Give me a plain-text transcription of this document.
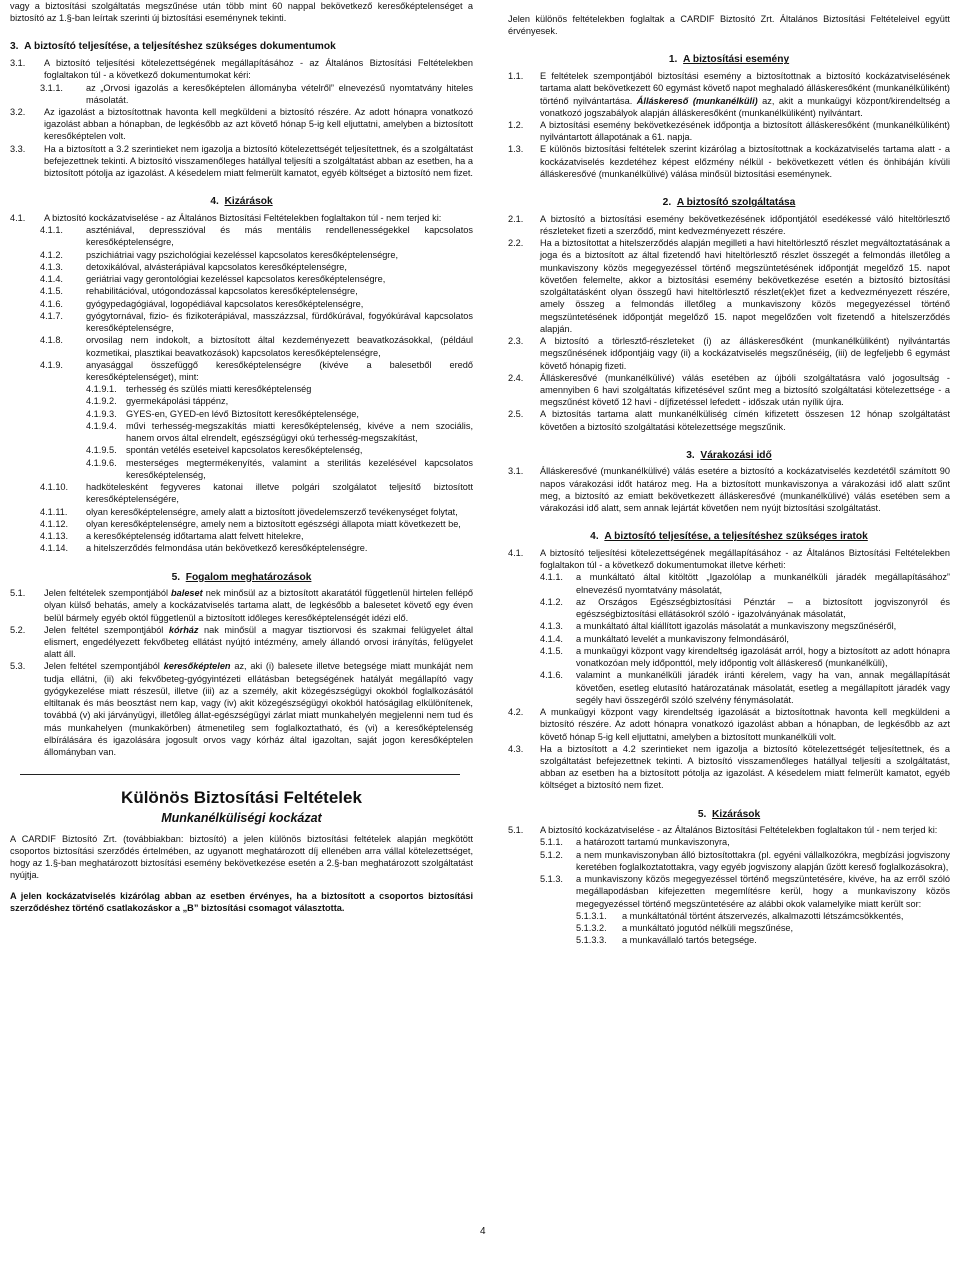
vagy a biztosítási szolgáltatás megszűnése után több mint 60 nappal bekövetkező keresőképtelenséget a biztosító az 1.§-ban leírtak szerinti új biztosítási eseménynek tekinti.

3. A biztosító teljesítése, a teljesítéshez szükséges dokumentumok
3.1.	A biztosító teljesítési kötelezettségének megállapításához - az Általános Biztosítási Feltételekben foglaltakon túl - a következő dokumentumokat kéri:
3.1.1.	az „Orvosi igazolás a keresőképtelen állományba vételről” elnevezésű nyomtatvány hiteles másolatát.
3.2.	Az igazolást a biztosítottnak havonta kell megküldeni a biztosító részére. Az adott hónapra vonatkozó igazolást abban a hónapban, de legkésőbb az azt követő hónap 5-ig kell eljuttatni, amelyben a biztosított keresőképtelen volt.
3.3.	Ha a biztosított a 3.2 szerintieket nem igazolja a biztosító kötelezettségét teljesítettnek, és a szolgáltatást befejezettnek tekinti. A biztosító visszamenőleges hatállyal teljesíti a szolgáltatást abban az esetben, ha a biztosított pótolja az igazolást. A késedelem miatt felmerült kamatot, egyéb költséget a biztosító nem fizet.
4. Kizárások
4.1.	A biztosító kockázatviselése - az Általános Biztosítási Feltételekben foglaltakon túl - nem terjed ki:
4.1.1.	aszténiával, depresszióval és más mentális rendellenességekkel kapcsolatos keresőképtelenségre,
4.1.2.	pszichiátriai vagy pszichológiai kezeléssel kapcsolatos keresőképtelenségre,
4.1.3.	detoxikálóval, alvásterápiával kapcsolatos keresőképtelenségre,
4.1.4.	geriátriai vagy gerontológiai kezeléssel kapcsolatos keresőképtelenségre,
4.1.5.	rehabilitációval, utógondozással kapcsolatos keresőképtelenségre,
4.1.6.	gyógypedagógiával, logopédiával kapcsolatos keresőképtelenségre,
4.1.7.	gyógytornával, fizio- és fizikoterápiával, masszázzsal, fürdőkúrával, fogyókúrával kapcsolatos keresőképtelenségre,
4.1.8.	orvosilag nem indokolt, a biztosított által kezdeményezett beavatkozásokkal, (például kozmetikai, plasztikai beavatkozások) kapcsolatos keresőképtelenségre,
4.1.9.	anyasággal összefüggő keresőképtelenségre (kivéve a balesetből eredő keresőképtelenséget), mint:
4.1.9.1.	terhesség és szülés miatti keresőképtelenség
4.1.9.2.	gyermekápolási táppénz,
4.1.9.3.	GYES-en, GYED-en lévő Biztosított keresőképtelensége,
4.1.9.4.	művi terhesség-megszakítás miatti keresőképtelenség, kivéve a nem szociális, hanem orvos által elrendelt, egészségügyi okú terhesség-megszakítást,
4.1.9.5.	spontán vetélés eseteivel kapcsolatos keresőképtelenség,
4.1.9.6.	mesterséges megtermékenyítés, valamint a sterilitás kezelésével kapcsolatos keresőképtelenség,
4.1.10.	hadkötelesként fegyveres katonai illetve polgári szolgálatot teljesítő biztosított keresőképtelenségére,
4.1.11.	olyan keresőképtelenségre, amely alatt a biztosított jövedelemszerző tevékenységet folytat,
4.1.12.	olyan keresőképtelenségre, amely nem a biztosított egészségi állapota miatt következett be,
4.1.13.	a keresőképtelenség időtartama alatt felvett hitelekre,
4.1.14.	a hitelszerződés felmondása után bekövetkező keresőképtelenségre.
5. Fogalom meghatározások
5.1.	Jelen feltételek szempontjából baleset nek minősül az a biztosított akaratától függetlenül hirtelen fellépő olyan külső behatás, amely a kockázatviselés tartama alatt, de legkésőbb a balesetet követő egy éven belül bármely egyéb októl függetlenül a biztosított időleges keresőképtelenségét idézi elő.
5.2.	Jelen feltétel szempontjából kórház nak minősül a magyar tisztiorvosi és szakmai felügyelet által elismert, engedélyezett fekvőbeteg ellátást nyújtó intézmény, amely állandó orvosi irányítás, felügyelet alatt áll.
5.3.	Jelen feltétel szempontjából keresőképtelen az, aki (i) balesete illetve betegsége miatt munkáját nem tudja ellátni, (ii) aki fekvőbeteg-gyógyintézeti ellátásban betegségének hatályát megállapító vagy gyógykezelése miatt részesül, illetve (iii) az a személy, akit közegészségügyi okokból foglalkozásától eltiltanak és más beosztást nem kap, vagy (iv) akit közegészségügyi okokból hatóságilag elkülönítenek, továbbá (v) aki járványügyi, illetőleg állat-egészségügyi zárlat miatt munkahelyén megjelenni nem tud és más munkahelyen (munkakörben) átmenetileg sem foglalkoztatható, és (vi) a keresőképtelenség elbírálására és igazolására jogosult orvos vagy kórház által igazoltan, saját jogon keresőképtelen állományban van.
Különös Biztosítási Feltételek
Munkanélküliségi kockázat

A CARDIF Biztosító Zrt. (továbbiakban: biztosító) a jelen különös biztosítási feltételek alapján megkötött csoportos biztosítási szerződés értelmében, az ugyanott meghatározott díj ellenében arra vállal kötelezettséget, hogy az 1.§-ban meghatározott biztosítási esemény bekövetkezése esetén a 2.§-ban meghatározott szolgáltatást nyújtja.

A jelen kockázatviselés kizárólag abban az esetben érvényes, ha a biztosított a csoportos biztosítási szerződéshez történő csatlakozáskor a „B” biztosítási csomagot választotta.

Jelen különös feltételekben foglaltak a CARDIF Biztosító Zrt. Általános Biztosítási Feltételeivel együtt érvényesek.

1. A biztosítási esemény
1.1.	E feltételek szempontjából biztosítási esemény a biztosítottnak a biztosító kockázatviselésének tartama alatt bekövetkezett 60 egymást követő napot meghaladó álláskeresőként (munkanélküliként) történő nyilvántartása. Álláskereső (munkanélküli) az, akit a munkaügyi központ/kirendeltség a vonatkozó jogszabályok alapján álláskeresőként (munkanélküliként) nyilvántart.
1.2.	A biztosítási esemény bekövetkezésének időpontja a biztosított álláskeresőként (munkanélküliként) nyilvántartott állapotának a 61. napja.
1.3.	E különös biztosítási feltételek szerint kizárólag a biztosítottnak a kockázatviselés tartama alatt - a kockázatviselés kezdetéhez képest előzmény nélkül - bekövetkezett vétlen és önhibáján kívüli álláskeresővé (munkanélkülivé) válása minősül biztosítási eseménynek.
2. A biztosító szolgáltatása
2.1.	A biztosító a biztosítási esemény bekövetkezésének időpontjától esedékessé váló hiteltörlesztő részleteket fizeti a szerződő, mint kedvezményezett részére.
2.2.	Ha a biztosítottat a hitelszerződés alapján megilleti a havi hiteltörlesztő részlet megváltoztatásának a joga és a biztosított az által fizetendő havi hiteltörlesztő részlet összegét a felmondás illetőleg a munkaviszony közös megegyezéssel történő megszüntetésének időpontját megelőző 15. napot követően felemelte, akkor a biztosítási esemény bekövetkezése esetén a biztosító biztosítási szolgáltatásként olyan összegű havi hiteltörlesztő részlet(ek)et fizet a kedvezményezett részére, amely összeg a felmondás illetőleg a munkaviszony közös megegyezéssel történő megszüntetésének időpontját megelőző 15. napot megelőzően volt fizetendő a hitelszerződés alapján.
2.3.	A biztosító a törlesztő-részleteket (i) az álláskeresőként (munkanélküliként) nyilvántartás megszűnésének időpontjáig vagy (ii) a kockázatviselés megszűnéséig, (iii) de legfeljebb 6 egymást követő hónapig fizeti.
2.4.	Álláskeresővé (munkanélkülivé) válás esetében az újbóli szolgáltatásra való jogosultság - amennyiben 6 havi szolgáltatás kifizetésével szűnt meg a biztosító szolgáltatási kötelezettsége - a megszűnést követő 12 havi - díjfizetéssel lefedett - időszak után nyílik újra.
2.5.	A biztosítás tartama alatt munkanélküliség címén kifizetett összesen 12 hónap szolgáltatást követően a biztosító szolgáltatási kötelezettsége megszűnik.
3. Várakozási idő
3.1.	Álláskeresővé (munkanélkülivé) válás esetére a biztosító a kockázatviselés kezdetétől számított 90 napos várakozási időt határoz meg. Ha a biztosított munkaviszonya a várakozási idő alatt szűnt meg, a biztosító az emiatt bekövetkezett álláskeresővé (munkanélkülivé) válás esetében sem a várakozási idő alatt, sem annak lejártát követően nem nyújt biztosítási szolgáltatást.
4. A biztosító teljesítése, a teljesítéshez szükséges iratok
4.1.	A biztosító teljesítési kötelezettségének megállapításához - az Általános Biztosítási Feltételekben foglaltakon túl - a következő dokumentumokat illetve kérheti:
4.1.1.	a munkáltató által kitöltött „Igazolólap a munkanélküli járadék megállapításához” elnevezésű nyomtatvány másolatát,
4.1.2.	az Országos Egészségbiztosítási Pénztár – a biztosított jogviszonyról és egészségbiztosítási ellátásokról szóló - igazolványának másolatát,
4.1.3.	a munkáltató által kiállított igazolás másolatát a munkaviszony megszűnéséről,
4.1.4.	a munkáltató levelét a munkaviszony felmondásáról,
4.1.5.	a munkaügyi központ vagy kirendeltség igazolását arról, hogy a biztosított az adott hónapra vonatkozóan mely időponttól, mely időpontig volt álláskereső (munkanélküli),
4.1.6.	valamint a munkanélküli járadék iránti kérelem, vagy ha van, annak megállapítását követően, esetleg elutasító határozatának másolatát, esetleg a megállapított járadék vagy segély havi összegéről szóló szelvény fénymásolatát.
4.2.	A munkaügyi központ vagy kirendeltség igazolását a biztosítottnak havonta kell megküldeni a biztosító részére. Az adott hónapra vonatkozó igazolást abban a hónapban, de legkésőbb az azt követő hónap 5-ig kell eljuttatni, amelyben a biztosított munkanélküli volt.
4.3.	Ha a biztosított a 4.2 szerintieket nem igazolja a biztosító kötelezettségét teljesítettnek, és a szolgáltatást befejezettnek tekinti. A biztosító visszamenőleges hatállyal teljesíti a szolgáltatást, abban az esetben ha a biztosított pótolja az igazolást. A késedelem miatt felmerült kamatot, egyéb költséget a biztosító nem fizet.
5. Kizárások
5.1.	A biztosító kockázatviselése - az Általános Biztosítási Feltételekben foglaltakon túl - nem terjed ki:
5.1.1.	a határozott tartamú munkaviszonyra,
5.1.2.	a nem munkaviszonyban álló biztosítottakra (pl. egyéni vállalkozókra, megbízási jogviszony keretében foglalkoztatottakra, vagy egyéb jogviszony alapján űzött kereső foglalkozásokra),
5.1.3.	a munkaviszony közös megegyezéssel történő megszüntetésére, kivéve, ha az erről szóló megállapodásban kifejezetten megemlítésre kerül, hogy a munkaviszony közös megegyezéssel történő megszüntetésére az alábbi okok valamelyike miatt került sor:
5.1.3.1.	a munkáltatónál történt átszervezés, alkalmazotti létszámcsökkentés,
5.1.3.2.	a munkáltató jogutód nélküli megszűnése,
5.1.3.3.	a munkavállaló tartós betegsége.
4
